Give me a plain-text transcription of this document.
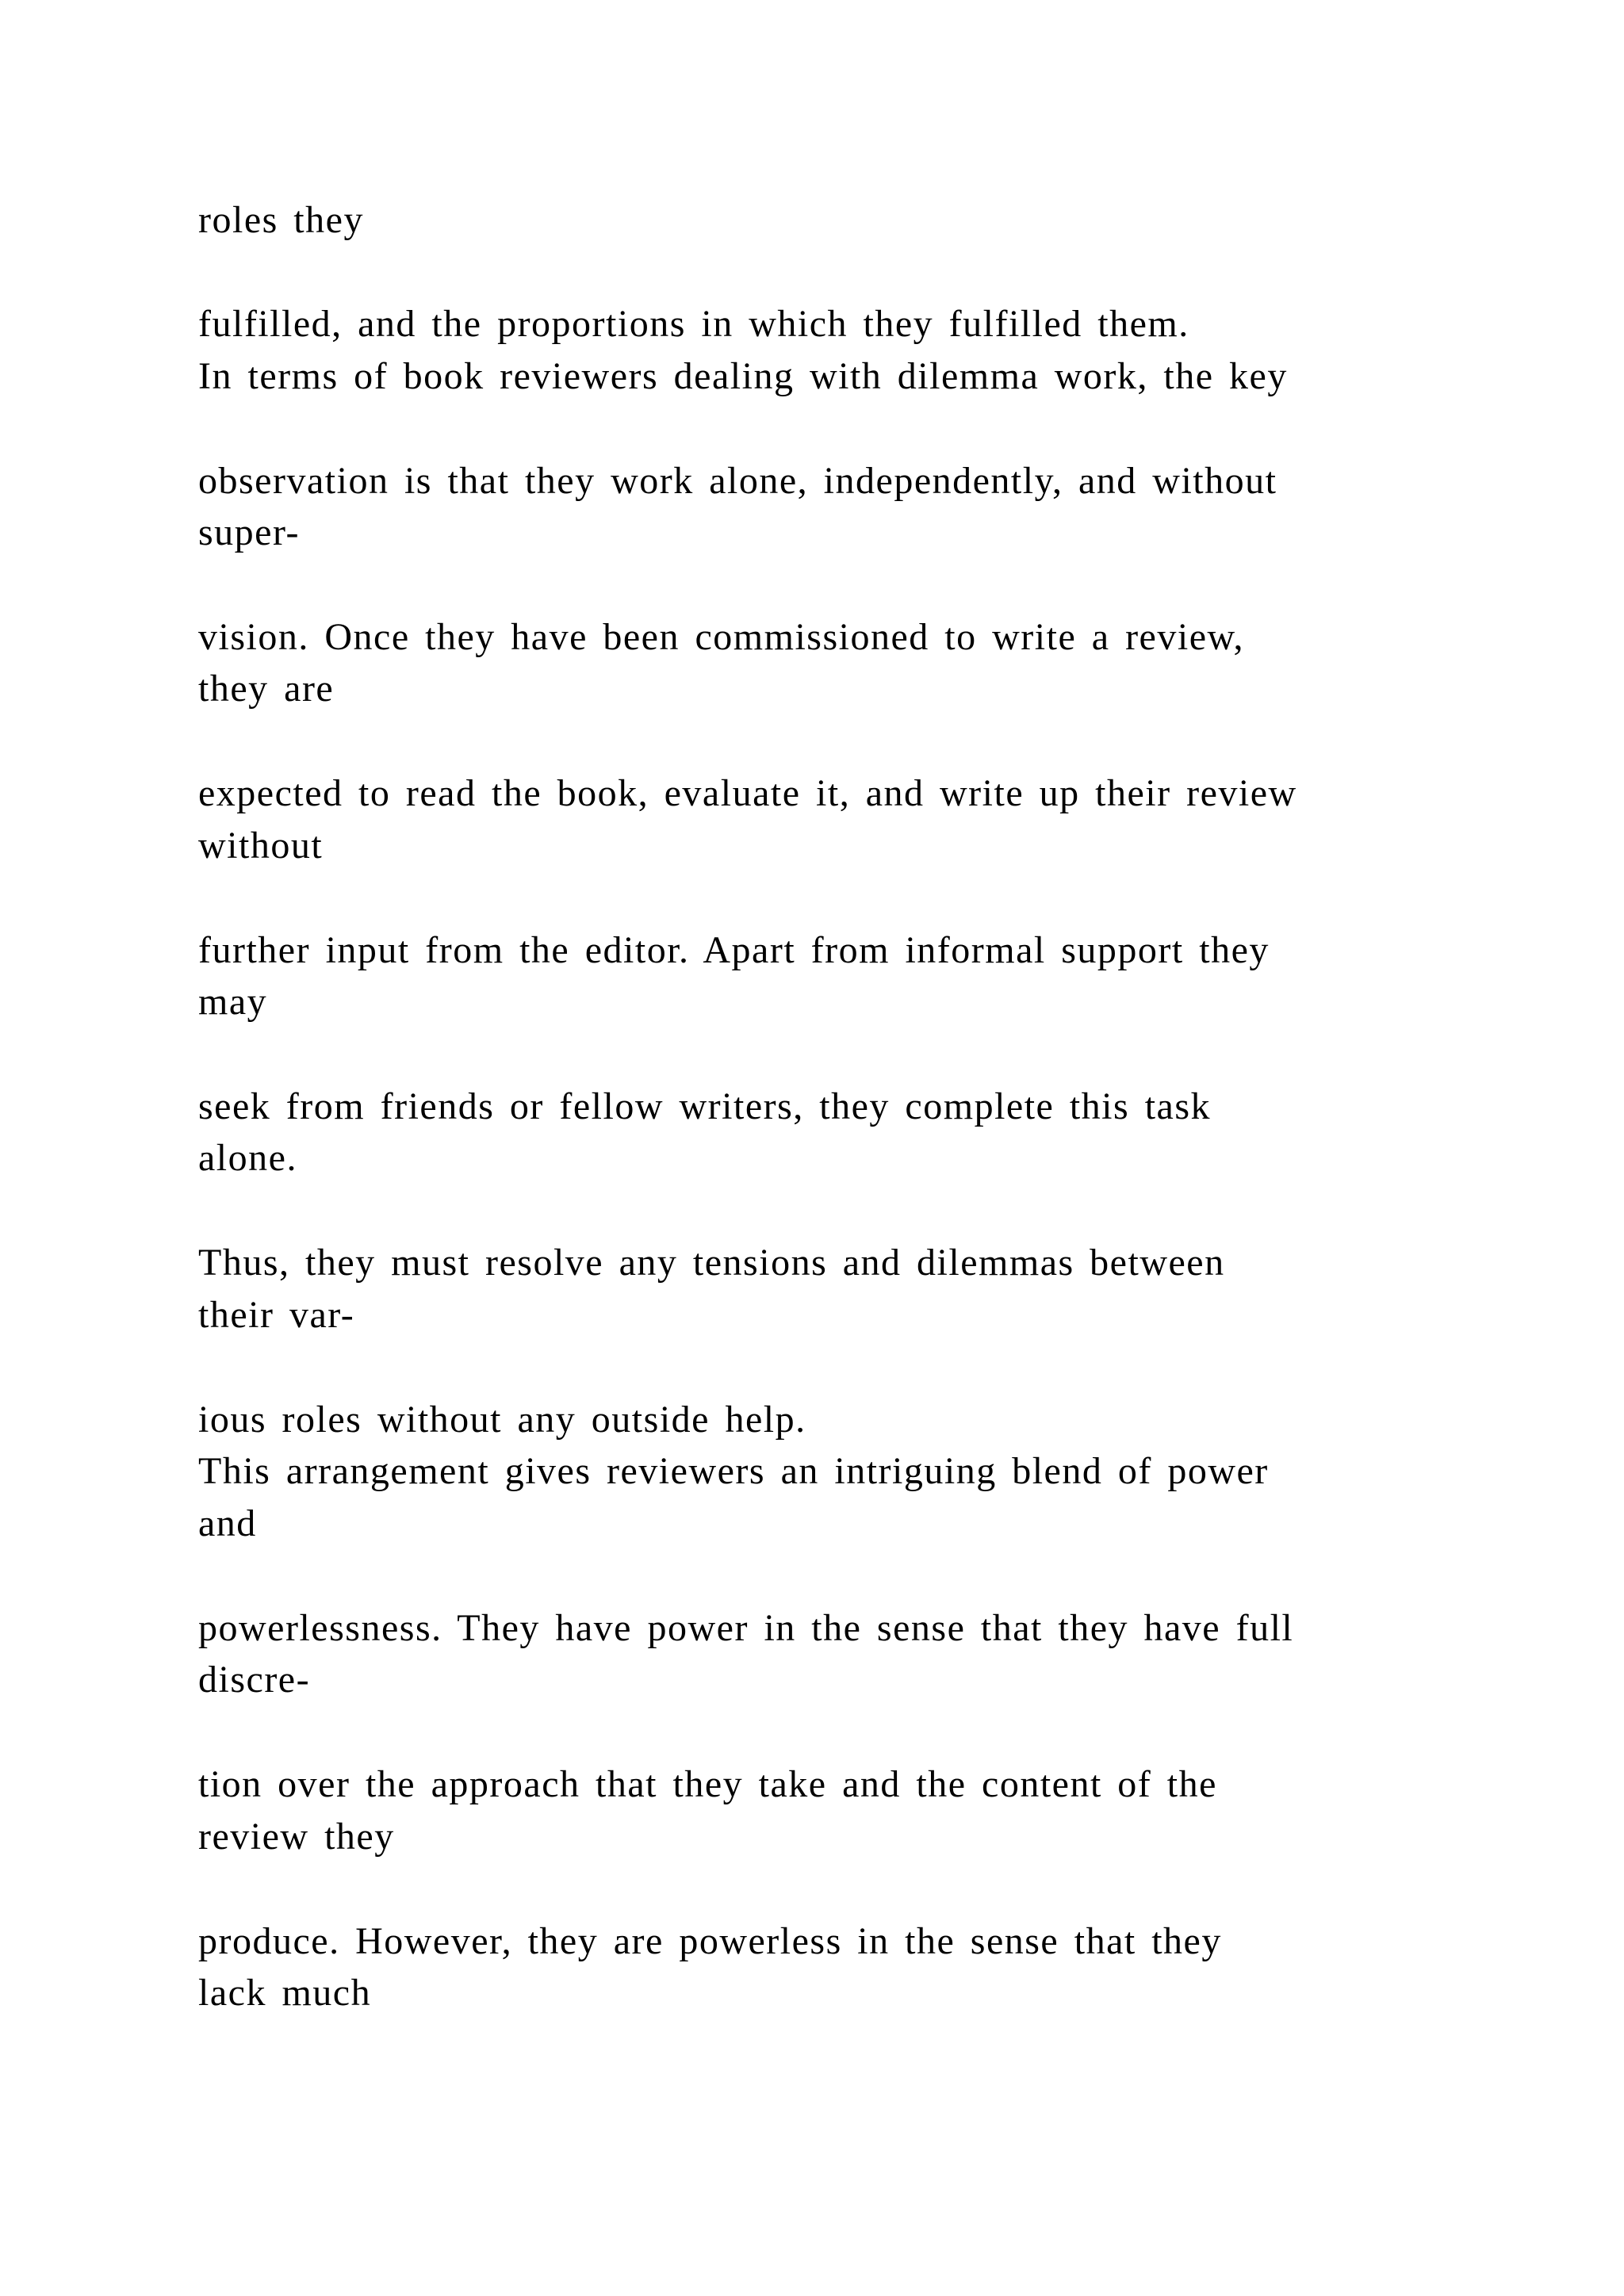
roles they

fulfilled, and the proportions in which they fulfilled them.

In terms of book reviewers dealing with dilemma work, the key

observation is that they work alone, independently, and without

super-

vision. Once they have been commissioned to write a review,

they are

expected to read the book, evaluate it, and write up their review

without

further input from the editor. Apart from informal support they

may

seek from friends or fellow writers, they complete this task

alone.

Thus, they must resolve any tensions and dilemmas between

their var-

ious roles without any outside help.

This arrangement gives reviewers an intriguing blend of power

and

powerlessness. They have power in the sense that they have full

discre-

tion over the approach that they take and the content of the

review they

produce. However, they are powerless in the sense that they

lack much
